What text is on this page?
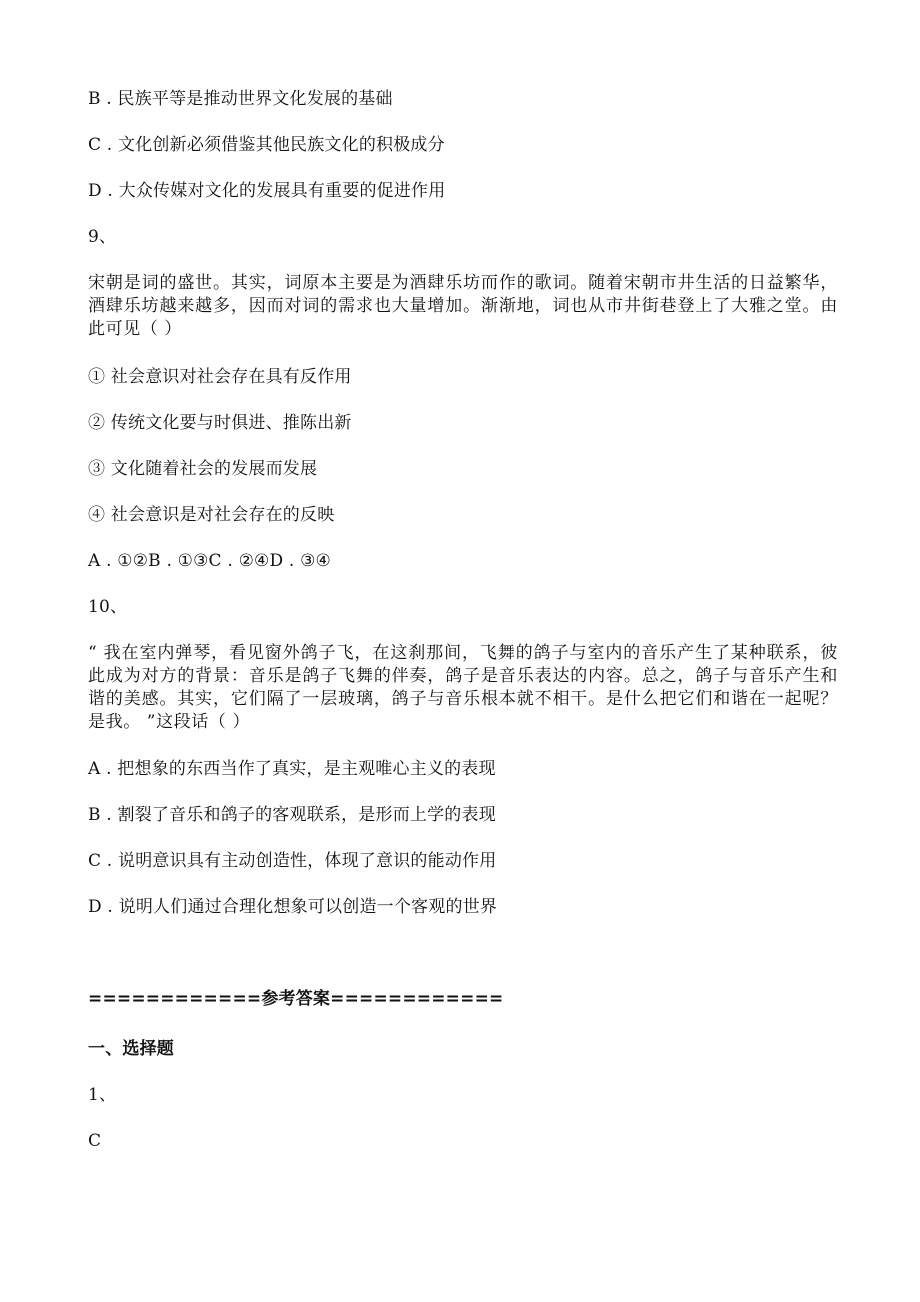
B . 民族平等是推动世界文化发展的基础
C . 文化创新必须借鉴其他民族文化的积极成分
D . 大众传媒对文化的发展具有重要的促进作用
9、
宋朝是词的盛世。其实，词原本主要是为酒肆乐坊而作的歌词。随着宋朝市井生活的日益繁华，酒肆乐坊越来越多，因而对词的需求也大量增加。渐渐地，词也从市井街巷登上了大雅之堂。由此可见（ ）
① 社会意识对社会存在具有反作用
② 传统文化要与时俱进、推陈出新
③ 文化随着社会的发展而发展
④ 社会意识是对社会存在的反映
A . ①②B . ①③C . ②④D . ③④
10、
“ 我在室内弹琴，看见窗外鸽子飞，在这刹那间，飞舞的鸽子与室内的音乐产生了某种联系，彼此成为对方的背景：音乐是鸽子飞舞的伴奏，鸽子是音乐表达的内容。总之，鸽子与音乐产生和谐的美感。其实，它们隔了一层玻璃，鸽子与音乐根本就不相干。是什么把它们和谐在一起呢？是我。 ”这段话（ ）
A . 把想象的东西当作了真实，是主观唯心主义的表现
B . 割裂了音乐和鸽子的客观联系，是形而上学的表现
C . 说明意识具有主动创造性，体现了意识的能动作用
D . 说明人们通过合理化想象可以创造一个客观的世界
============参考答案============
一、选择题
1、
C
